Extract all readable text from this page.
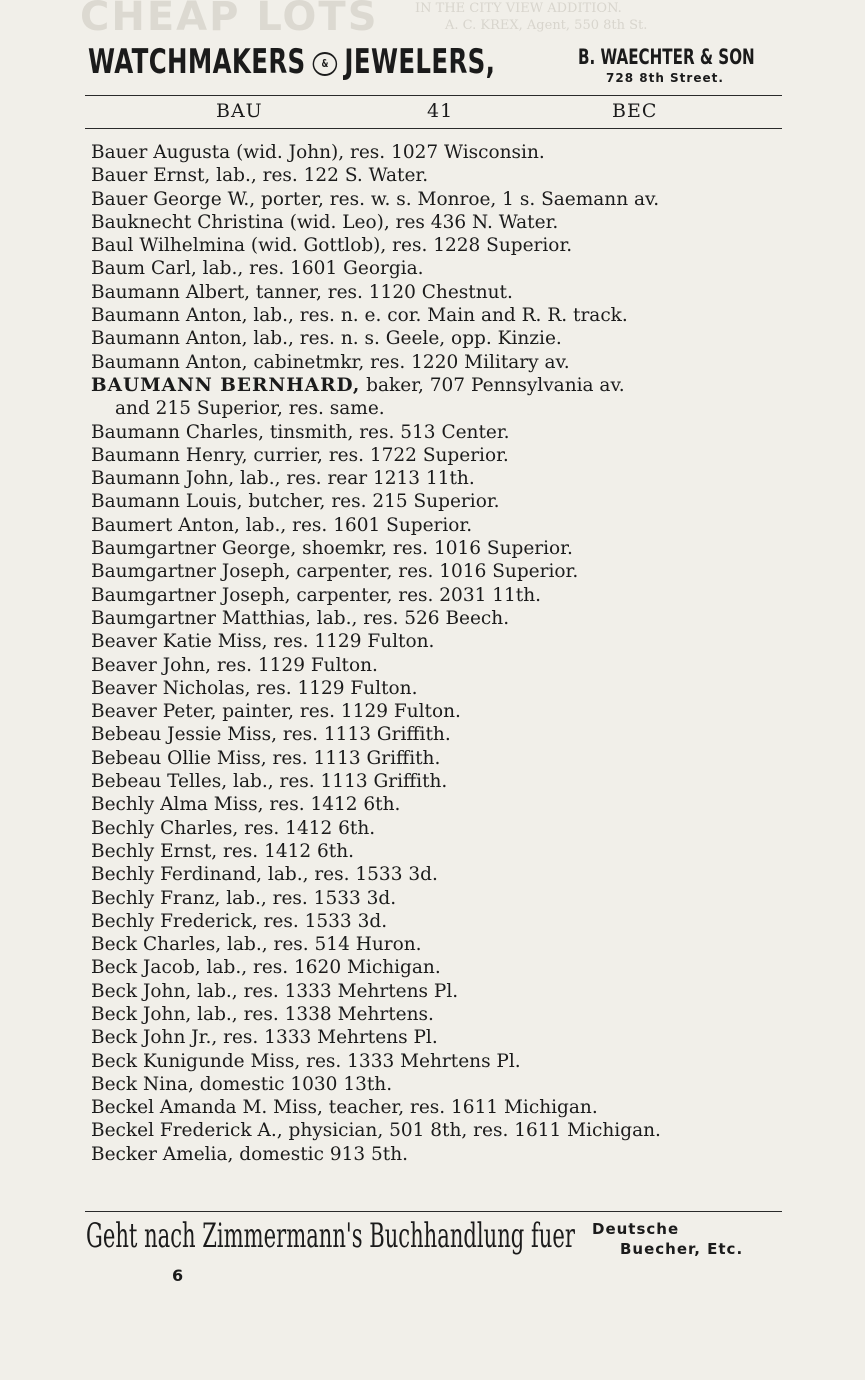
CHEAP LOTS	IN THE CITY VIEW ADDITION.
A. C. KREX, Agent, 550 8th St.
WATCHMAKERS & JEWELERS,	B. WAECHTER & SON
728 8th Street.
BAU	41	BEC
Bauer Augusta (wid. John), res. 1027 Wisconsin.
Bauer Ernst, lab., res. 122 S. Water.
Bauer George W., porter, res. w. s. Monroe, 1 s. Saemann av.
Bauknecht Christina (wid. Leo), res 436 N. Water.
Baul Wilhelmina (wid. Gottlob), res. 1228 Superior.
Baum Carl, lab., res. 1601 Georgia.
Baumann Albert, tanner, res. 1120 Chestnut.
Baumann Anton, lab., res. n. e. cor. Main and R. R. track.
Baumann Anton, lab., res. n. s. Geele, opp. Kinzie.
Baumann Anton, cabinetmkr, res. 1220 Military av.
BAUMANN BERNHARD, baker, 707 Pennsylvania av.
and 215 Superior, res. same.
Baumann Charles, tinsmith, res. 513 Center.
Baumann Henry, currier, res. 1722 Superior.
Baumann John, lab., res. rear 1213 11th.
Baumann Louis, butcher, res. 215 Superior.
Baumert Anton, lab., res. 1601 Superior.
Baumgartner George, shoemkr, res. 1016 Superior.
Baumgartner Joseph, carpenter, res. 1016 Superior.
Baumgartner Joseph, carpenter, res. 2031 11th.
Baumgartner Matthias, lab., res. 526 Beech.
Beaver Katie Miss, res. 1129 Fulton.
Beaver John, res. 1129 Fulton.
Beaver Nicholas, res. 1129 Fulton.
Beaver Peter, painter, res. 1129 Fulton.
Bebeau Jessie Miss, res. 1113 Griffith.
Bebeau Ollie Miss, res. 1113 Griffith.
Bebeau Telles, lab., res. 1113 Griffith.
Bechly Alma Miss, res. 1412 6th.
Bechly Charles, res. 1412 6th.
Bechly Ernst, res. 1412 6th.
Bechly Ferdinand, lab., res. 1533 3d.
Bechly Franz, lab., res. 1533 3d.
Bechly Frederick, res. 1533 3d.
Beck Charles, lab., res. 514 Huron.
Beck Jacob, lab., res. 1620 Michigan.
Beck John, lab., res. 1333 Mehrtens Pl.
Beck John, lab., res. 1338 Mehrtens.
Beck John Jr., res. 1333 Mehrtens Pl.
Beck Kunigunde Miss, res. 1333 Mehrtens Pl.
Beck Nina, domestic 1030 13th.
Beckel Amanda M. Miss, teacher, res. 1611 Michigan.
Beckel Frederick A., physician, 501 8th, res. 1611 Michigan.
Becker Amelia, domestic 913 5th.
Geht nach Zimmermann's Buchhandlung fuer Deutsche
Buecher, Etc.
6
